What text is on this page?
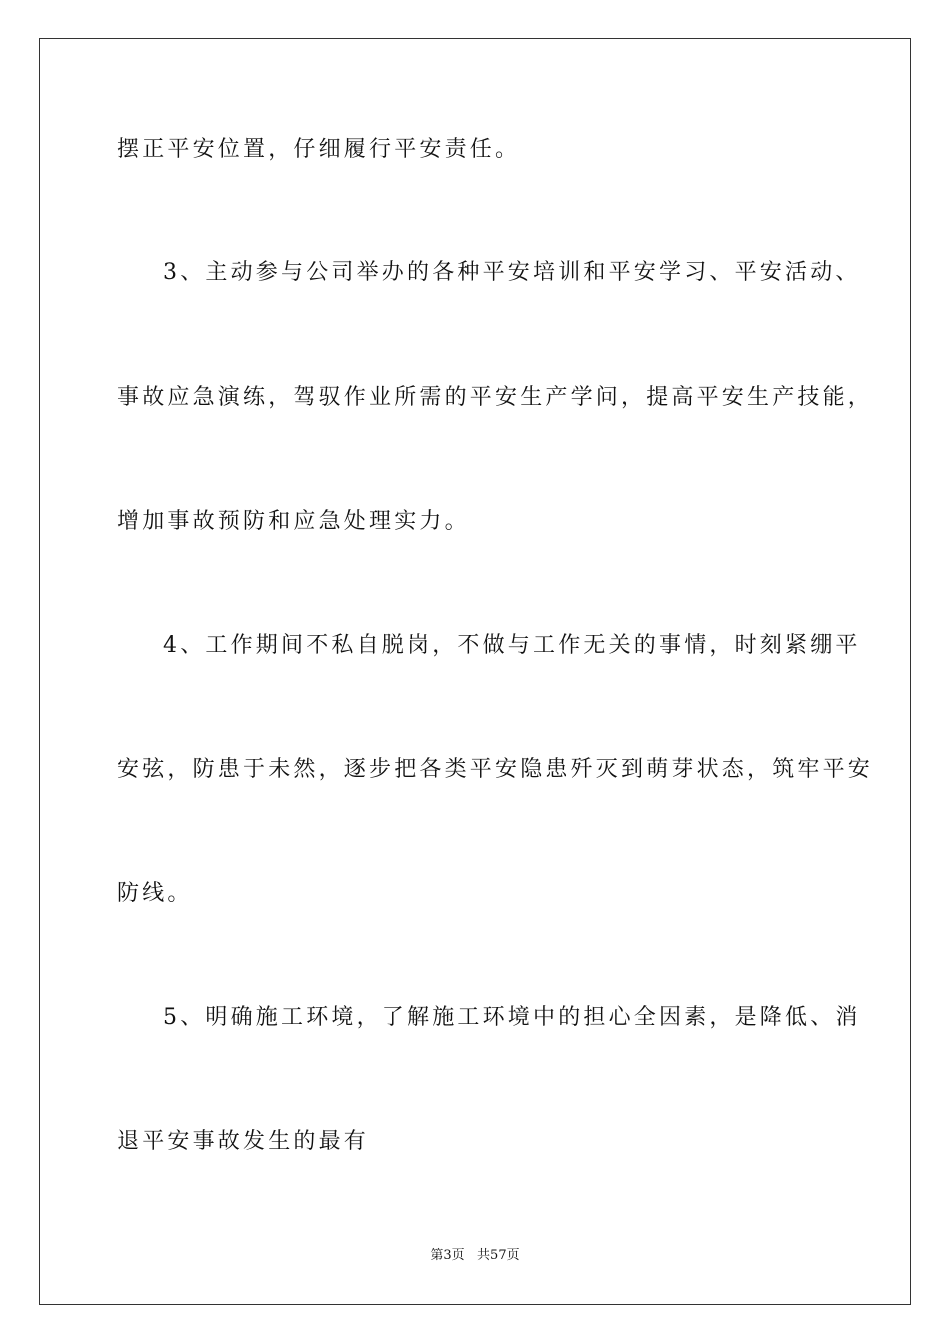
摆正平安位置，仔细履行平安责任。

3、主动参与公司举办的各种平安培训和平安学习、平安活动、

事故应急演练，驾驭作业所需的平安生产学问，提高平安生产技能，

增加事故预防和应急处理实力。

4、工作期间不私自脱岗，不做与工作无关的事情，时刻紧绷平

安弦，防患于未然，逐步把各类平安隐患歼灭到萌芽状态，筑牢平安

防线。

5、明确施工环境，了解施工环境中的担心全因素，是降低、消

退平安事故发生的最有

第3页   共57页
